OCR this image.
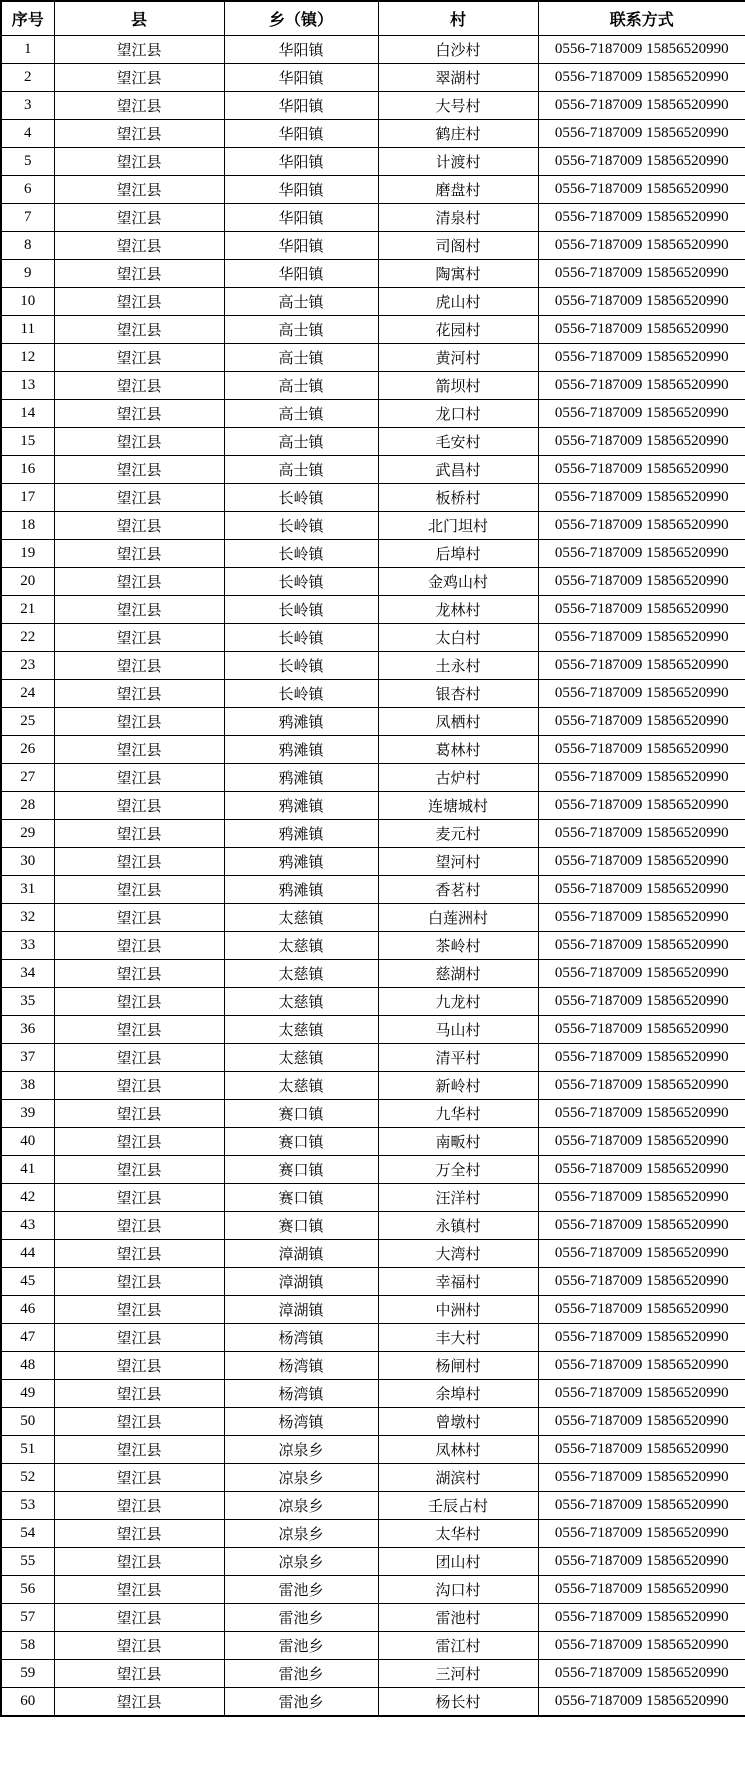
序号	县	乡（镇）	村	联系方式
1	望江县	华阳镇	白沙村	0556-7187009 15856520990
2	望江县	华阳镇	翠湖村	0556-7187009 15856520990
3	望江县	华阳镇	大号村	0556-7187009 15856520990
4	望江县	华阳镇	鹤庄村	0556-7187009 15856520990
5	望江县	华阳镇	计渡村	0556-7187009 15856520990
6	望江县	华阳镇	磨盘村	0556-7187009 15856520990
7	望江县	华阳镇	清泉村	0556-7187009 15856520990
8	望江县	华阳镇	司阁村	0556-7187009 15856520990
9	望江县	华阳镇	陶寓村	0556-7187009 15856520990
10	望江县	高士镇	虎山村	0556-7187009 15856520990
11	望江县	高士镇	花园村	0556-7187009 15856520990
12	望江县	高士镇	黄河村	0556-7187009 15856520990
13	望江县	高士镇	箭坝村	0556-7187009 15856520990
14	望江县	高士镇	龙口村	0556-7187009 15856520990
15	望江县	高士镇	毛安村	0556-7187009 15856520990
16	望江县	高士镇	武昌村	0556-7187009 15856520990
17	望江县	长岭镇	板桥村	0556-7187009 15856520990
18	望江县	长岭镇	北门坦村	0556-7187009 15856520990
19	望江县	长岭镇	后埠村	0556-7187009 15856520990
20	望江县	长岭镇	金鸡山村	0556-7187009 15856520990
21	望江县	长岭镇	龙林村	0556-7187009 15856520990
22	望江县	长岭镇	太白村	0556-7187009 15856520990
23	望江县	长岭镇	土永村	0556-7187009 15856520990
24	望江县	长岭镇	银杏村	0556-7187009 15856520990
25	望江县	鸦滩镇	凤栖村	0556-7187009 15856520990
26	望江县	鸦滩镇	葛林村	0556-7187009 15856520990
27	望江县	鸦滩镇	古炉村	0556-7187009 15856520990
28	望江县	鸦滩镇	连塘城村	0556-7187009 15856520990
29	望江县	鸦滩镇	麦元村	0556-7187009 15856520990
30	望江县	鸦滩镇	望河村	0556-7187009 15856520990
31	望江县	鸦滩镇	香茗村	0556-7187009 15856520990
32	望江县	太慈镇	白莲洲村	0556-7187009 15856520990
33	望江县	太慈镇	茶岭村	0556-7187009 15856520990
34	望江县	太慈镇	慈湖村	0556-7187009 15856520990
35	望江县	太慈镇	九龙村	0556-7187009 15856520990
36	望江县	太慈镇	马山村	0556-7187009 15856520990
37	望江县	太慈镇	清平村	0556-7187009 15856520990
38	望江县	太慈镇	新岭村	0556-7187009 15856520990
39	望江县	赛口镇	九华村	0556-7187009 15856520990
40	望江县	赛口镇	南畈村	0556-7187009 15856520990
41	望江县	赛口镇	万全村	0556-7187009 15856520990
42	望江县	赛口镇	汪洋村	0556-7187009 15856520990
43	望江县	赛口镇	永镇村	0556-7187009 15856520990
44	望江县	漳湖镇	大湾村	0556-7187009 15856520990
45	望江县	漳湖镇	幸福村	0556-7187009 15856520990
46	望江县	漳湖镇	中洲村	0556-7187009 15856520990
47	望江县	杨湾镇	丰大村	0556-7187009 15856520990
48	望江县	杨湾镇	杨闸村	0556-7187009 15856520990
49	望江县	杨湾镇	余埠村	0556-7187009 15856520990
50	望江县	杨湾镇	曾墩村	0556-7187009 15856520990
51	望江县	凉泉乡	凤林村	0556-7187009 15856520990
52	望江县	凉泉乡	湖滨村	0556-7187009 15856520990
53	望江县	凉泉乡	壬辰占村	0556-7187009 15856520990
54	望江县	凉泉乡	太华村	0556-7187009 15856520990
55	望江县	凉泉乡	团山村	0556-7187009 15856520990
56	望江县	雷池乡	沟口村	0556-7187009 15856520990
57	望江县	雷池乡	雷池村	0556-7187009 15856520990
58	望江县	雷池乡	雷江村	0556-7187009 15856520990
59	望江县	雷池乡	三河村	0556-7187009 15856520990
60	望江县	雷池乡	杨长村	0556-7187009 15856520990
